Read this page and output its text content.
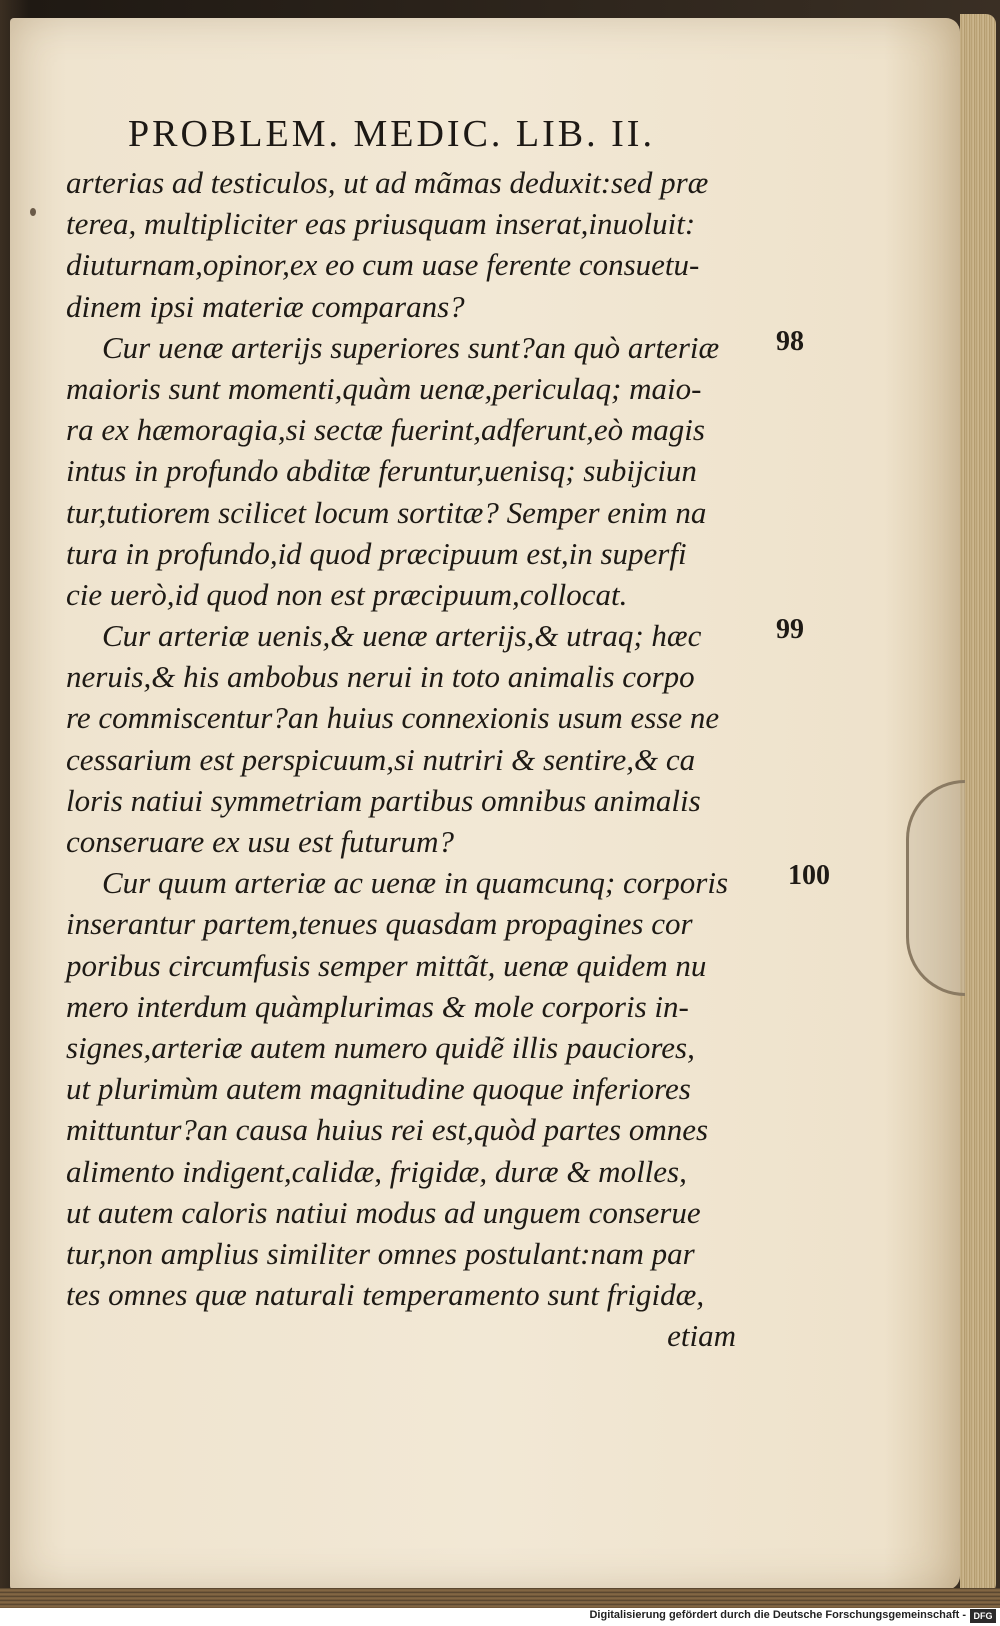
PROBLEM. MEDIC. LIB. II.
arterias ad testiculos, ut ad mãmas deduxit:sed præ
terea, multipliciter eas priusquam inserat,inuoluit:
diuturnam,opinor,ex eo cum uase ferente consuetu-
dinem ipsi materiæ comparans?
Cur uenæ arterijs superiores sunt?an quò arteriæ
maioris sunt momenti,quàm uenæ,periculaq; maio-
ra ex hæmoragia,si sectæ fuerint,adferunt,eò magis
intus in profundo abditæ feruntur,uenisq; subijciun
tur,tutiorem scilicet locum sortitæ? Semper enim na
tura in profundo,id quod præcipuum est,in superfi
cie uerò,id quod non est præcipuum,collocat.
Cur arteriæ uenis,& uenæ arterijs,& utraq; hæc
neruis,& his ambobus nerui in toto animalis corpo
re commiscentur?an huius connexionis usum esse ne
cessarium est perspicuum,si nutriri & sentire,& ca
loris natiui symmetriam partibus omnibus animalis
conseruare ex usu est futurum?
Cur quum arteriæ ac uenæ in quamcunq; corporis
inserantur partem,tenues quasdam propagines cor
poribus circumfusis semper mittãt, uenæ quidem nu
mero interdum quàmplurimas & mole corporis in-
signes,arteriæ autem numero quidẽ illis pauciores,
ut plurimùm autem magnitudine quoque inferiores
mittuntur?an causa huius rei est,quòd partes omnes
alimento indigent,calidæ, frigidæ, duræ & molles,
ut autem caloris natiui modus ad unguem conserue
tur,non amplius similiter omnes postulant:nam par
tes omnes quæ naturali temperamento sunt frigidæ,
etiam
98
99
100
Digitalisierung gefördert durch die Deutsche Forschungsgemeinschaft - DFG
